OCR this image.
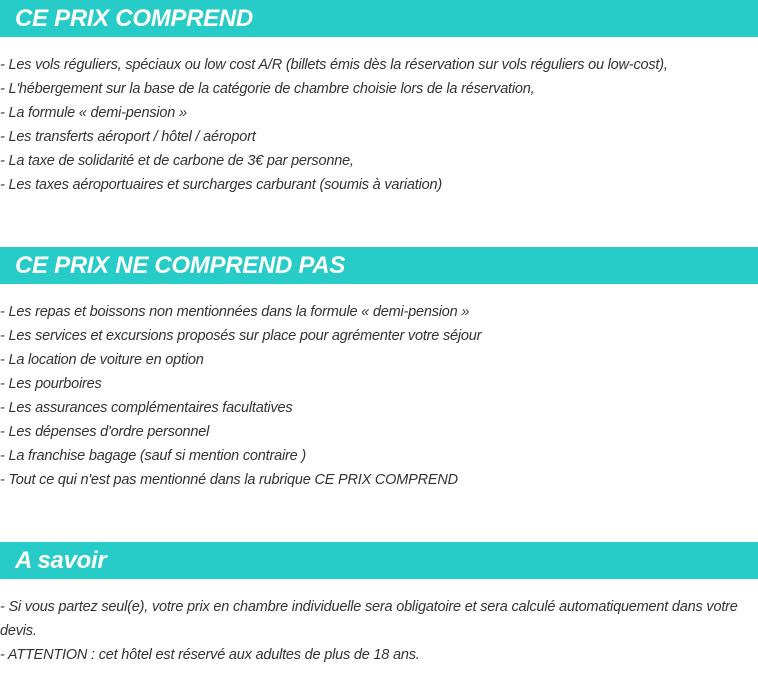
CE PRIX COMPREND
- Les vols réguliers, spéciaux ou low cost A/R (billets émis dès la réservation sur vols réguliers ou low-cost),
- L'hébergement sur la base de la catégorie de chambre choisie lors de la réservation,
- La formule « demi-pension »
- Les transferts aéroport / hôtel / aéroport
- La taxe de solidarité et de carbone de 3€ par personne,
- Les taxes aéroportuaires et surcharges carburant (soumis à variation)
CE PRIX NE COMPREND PAS
- Les repas et boissons non mentionnées dans la formule « demi-pension »
- Les services et excursions proposés sur place pour agrémenter votre séjour
- La location de voiture en option
- Les pourboires
- Les assurances complémentaires facultatives
- Les dépenses d'ordre personnel
- La franchise bagage (sauf si mention contraire )
- Tout ce qui n'est pas mentionné dans la rubrique CE PRIX COMPREND
A savoir
- Si vous partez seul(e), votre prix en chambre individuelle sera obligatoire et sera calculé automatiquement dans votre devis.
- ATTENTION : cet hôtel est réservé aux adultes de plus de 18 ans.
